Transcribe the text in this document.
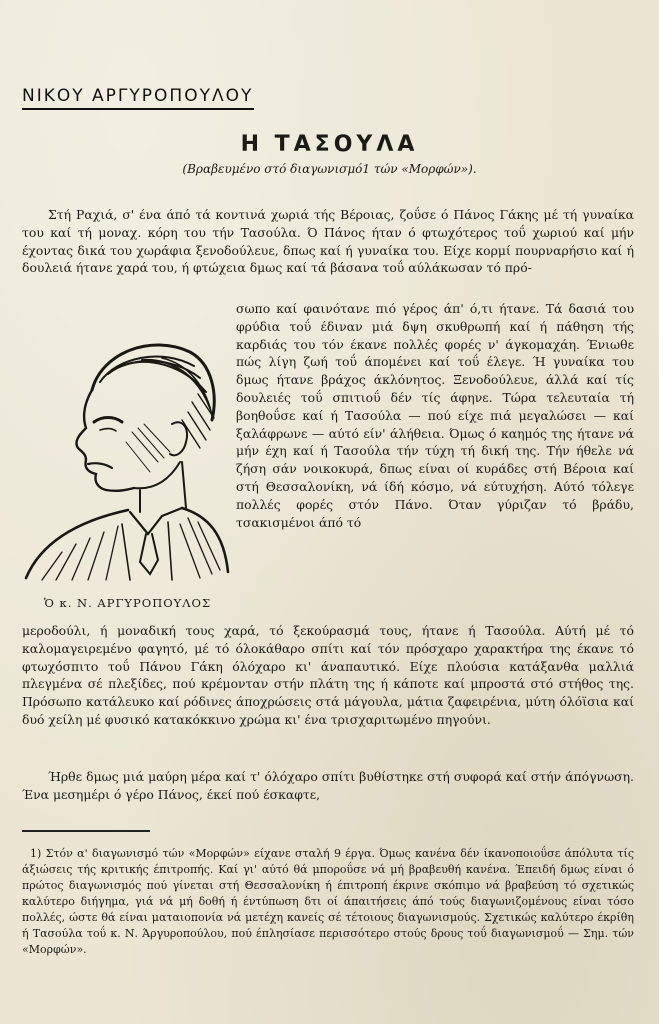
ΝΙΚΟΥ ΑΡΓΥΡΟΠΟΥΛΟΥ
Η ΤΑΣΟΥΛΑ
(Βραβευμένο στό διαγωνισμό1 τών «Μορφών»).

Στή Ραχιά, σ' ένα άπό τά κοντινά χωριά τής Βέροιας, ζοΰσε ό Πάνος Γάκης μέ τή γυναίκα του καί τή μοναχ. κόρη του τήν Τασούλα. Ό Πάνος ήταν ό φτωχότερος τοΰ χωριού καί μήν έχοντας δικά του χωράφια ξενοδούλευε, δπως καί ή γυναίκα του. Είχε κορμί πουρναρήσιο καί ή δουλειά ήτανε χαρά του, ή φτώχεια δμως καί τά βάσανα τοΰ αύλάκωσαν τό πρό-

Ὁ κ. Ν. ΑΡΓΥΡΟΠΟΥΛΟΣ

σωπο καί φαινότανε πιό γέρος άπ' ό,τι ήτανε. Τά δασιά του φρύδια τοΰ έδιναν μιά δψη σκυθρωπή καί ή πάθηση τής καρδιάς του τόν έκανε πολλές φορές ν' άγκομαχάη. Ένιωθε πώς λίγη ζωή τοΰ άπομένει καί τοΰ έλεγε. Ή γυναίκα του δμως ήτανε βράχος άκλόνητος. Ξενοδούλευε, άλλά καί τίς δουλειές τοΰ σπιτιοΰ δέν τίς άφηνε. Τώρα τελευταία τή βοηθοΰσε καί ή Τασούλα — πού είχε πιά μεγαλώσει — καί ξαλάφρωνε — αύτό είν' άλήθεια. Όμως ό καημός της ήτανε νά μήν έχη καί ή Τασούλα τήν τύχη τή δική της. Τήν ήθελε νά ζήση σάν νοικοκυρά, δπως είναι οί κυράδες στή Βέροια καί στή Θεσσαλονίκη, νά ίδή κόσμο, νά εύτυχήση. Αύτό τόλεγε πολλές φορές στόν Πάνο. Όταν γύριζαν τό βράδυ, τσακισμένοι άπό τό

μεροδούλι, ή μοναδική τους χαρά, τό ξεκούρασμά τους, ήτανε ή Τασούλα. Αύτή μέ τό καλομαγειρεμένο φαγητό, μέ τό όλοκάθαρο σπίτι καί τόν πρόσχαρο χαρακτήρα της έκανε τό φτωχόσπιτο τοΰ Πάνου Γάκη όλόχαρο κι' άναπαυτικό. Είχε πλούσια κατάξανθα μαλλιά πλεγμένα σέ πλεξίδες, πού κρέμονταν στήν πλάτη της ή κάποτε καί μπροστά στό στήθος της. Πρόσωπο κατάλευκο καί ρόδινες άποχρώσεις στά μάγουλα, μάτια ζαφειρένια, μύτη όλόϊσια καί δυό χείλη μέ φυσικό κατακόκκινο χρώμα κι' ένα τρισχαριτωμένο πηγούνι.

Ήρθε δμως μιά μαύρη μέρα καί τ' όλόχαρο σπίτι βυθίστηκε στή συφορά καί στήν άπόγνωση. Ένα μεσημέρι ό γέρο Πάνος, έκεί πού έσκαφτε,

1) Στόν α' διαγωνισμό τών «Μορφών» είχανε σταλή 9 έργα. Όμως κανένα δέν ίκανοποιοΰσε άπόλυτα τίς άξιώσεις τής κριτικής έπιτροπής. Καί γι' αύτό θά μποροΰσε νά μή βραβευθή κανένα. Έπειδή δμως είναι ό πρώτος διαγωνισμός πού γίνεται στή Θεσσαλονίκη ή έπιτροπή έκρινε σκόπιμο νά βραβεύση τό σχετικώς καλύτερο διήγημα, γιά νά μή δοθή ή έντύπωση δτι οί άπαιτήσεις άπό τούς διαγωνιζομένους είναι τόσο πολλές, ώστε θά είναι ματαιοπονία νά μετέχη κανείς σέ τέτοιους διαγωνισμούς. Σχετικώς καλύτερο έκρίθη ή Τασούλα τοΰ κ. Ν. Άργυροπούλου, πού έπλησίασε περισσότερο στούς δρους τοΰ διαγωνισμοΰ — Σημ. τών «Μορφών».
